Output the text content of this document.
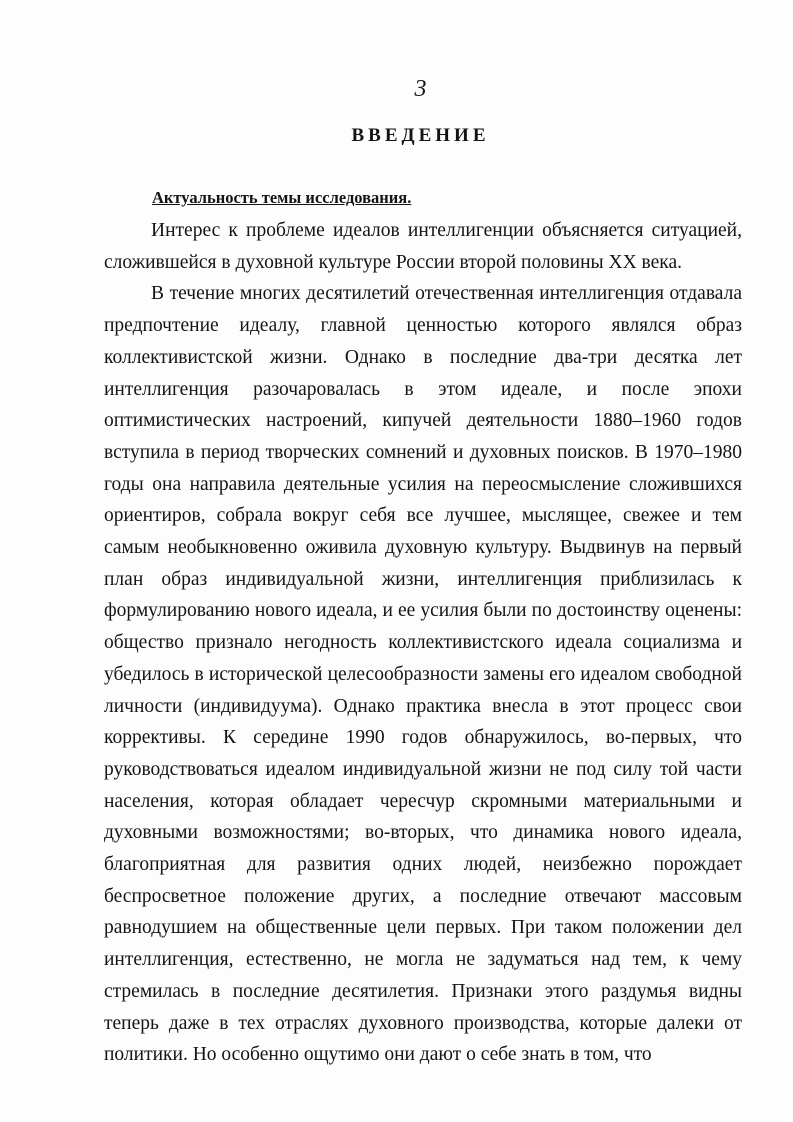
3
ВВЕДЕНИЕ
Актуальность темы исследования.

Интерес к проблеме идеалов интеллигенции объясняется ситуацией, сложившейся в духовной культуре России второй половины XX века.

В течение многих десятилетий отечественная интеллигенция отдавала предпочтение идеалу, главной ценностью которого являлся образ коллективистской жизни. Однако в последние два-три десятка лет интеллигенция разочаровалась в этом идеале, и после эпохи оптимистических настроений, кипучей деятельности 1880–1960 годов вступила в период творческих сомнений и духовных поисков. В 1970–1980 годы она направила деятельные усилия на переосмысление сложившихся ориентиров, собрала вокруг себя все лучшее, мыслящее, свежее и тем самым необыкновенно оживила духовную культуру. Выдвинув на первый план образ индивидуальной жизни, интеллигенция приблизилась к формулированию нового идеала, и ее усилия были по достоинству оценены: общество признало негодность коллективистского идеала социализма и убедилось в исторической целесообразности замены его идеалом свободной личности (индивидуума). Однако практика внесла в этот процесс свои коррективы. К середине 1990 годов обнаружилось, во-первых, что руководствоваться идеалом индивидуальной жизни не под силу той части населения, которая обладает чересчур скромными материальными и духовными возможностями; во-вторых, что динамика нового идеала, благоприятная для развития одних людей, неизбежно порождает беспросветное положение других, а последние отвечают массовым равнодушием на общественные цели первых. При таком положении дел интеллигенция, естественно, не могла не задуматься над тем, к чему стремилась в последние десятилетия. Признаки этого раздумья видны теперь даже в тех отраслях духовного производства, которые далеки от политики. Но особенно ощутимо они дают о себе знать в том, что
